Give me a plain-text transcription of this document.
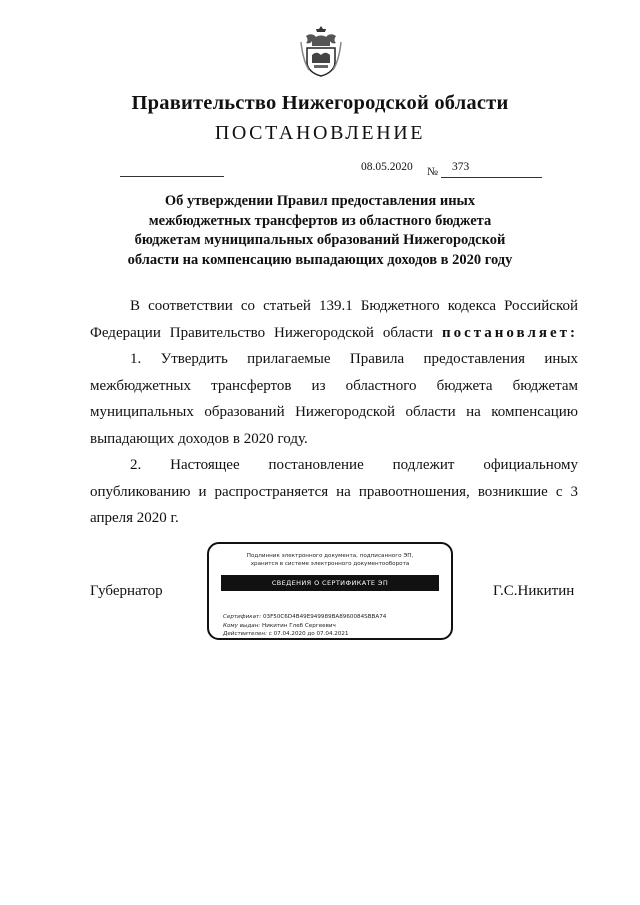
Правительство Нижегородской области
ПОСТАНОВЛЕНИЕ
08.05.2020 № 373
Об утверждении Правил предоставления иных
межбюджетных трансфертов из областного бюджета
бюджетам муниципальных образований Нижегородской
области на компенсацию выпадающих доходов в 2020 году

В соответствии со статьей 139.1 Бюджетного кодекса Российской Федерации Правительство Нижегородской области постановляет:

1. Утвердить прилагаемые Правила предоставления иных межбюджетных трансфертов из областного бюджета бюджетам муниципальных образований Нижегородской области на компенсацию выпадающих доходов в 2020 году.

2. Настоящее постановление подлежит официальному опубликованию и распространяется на правоотношения, возникшие с 3 апреля 2020 г.

Губернатор
Подлинник электронного документа, подписанного ЭП,
хранится в системе электронного документооборота
СВЕДЕНИЯ О СЕРТИФИКАТЕ ЭП
Сертификат: 03F50C6D4B49E949989BA8960084SBBA74
Кому выдан: Никитин Глеб Сергеевич
Действителен: с 07.04.2020 до 07.04.2021
Г.С.Никитин
